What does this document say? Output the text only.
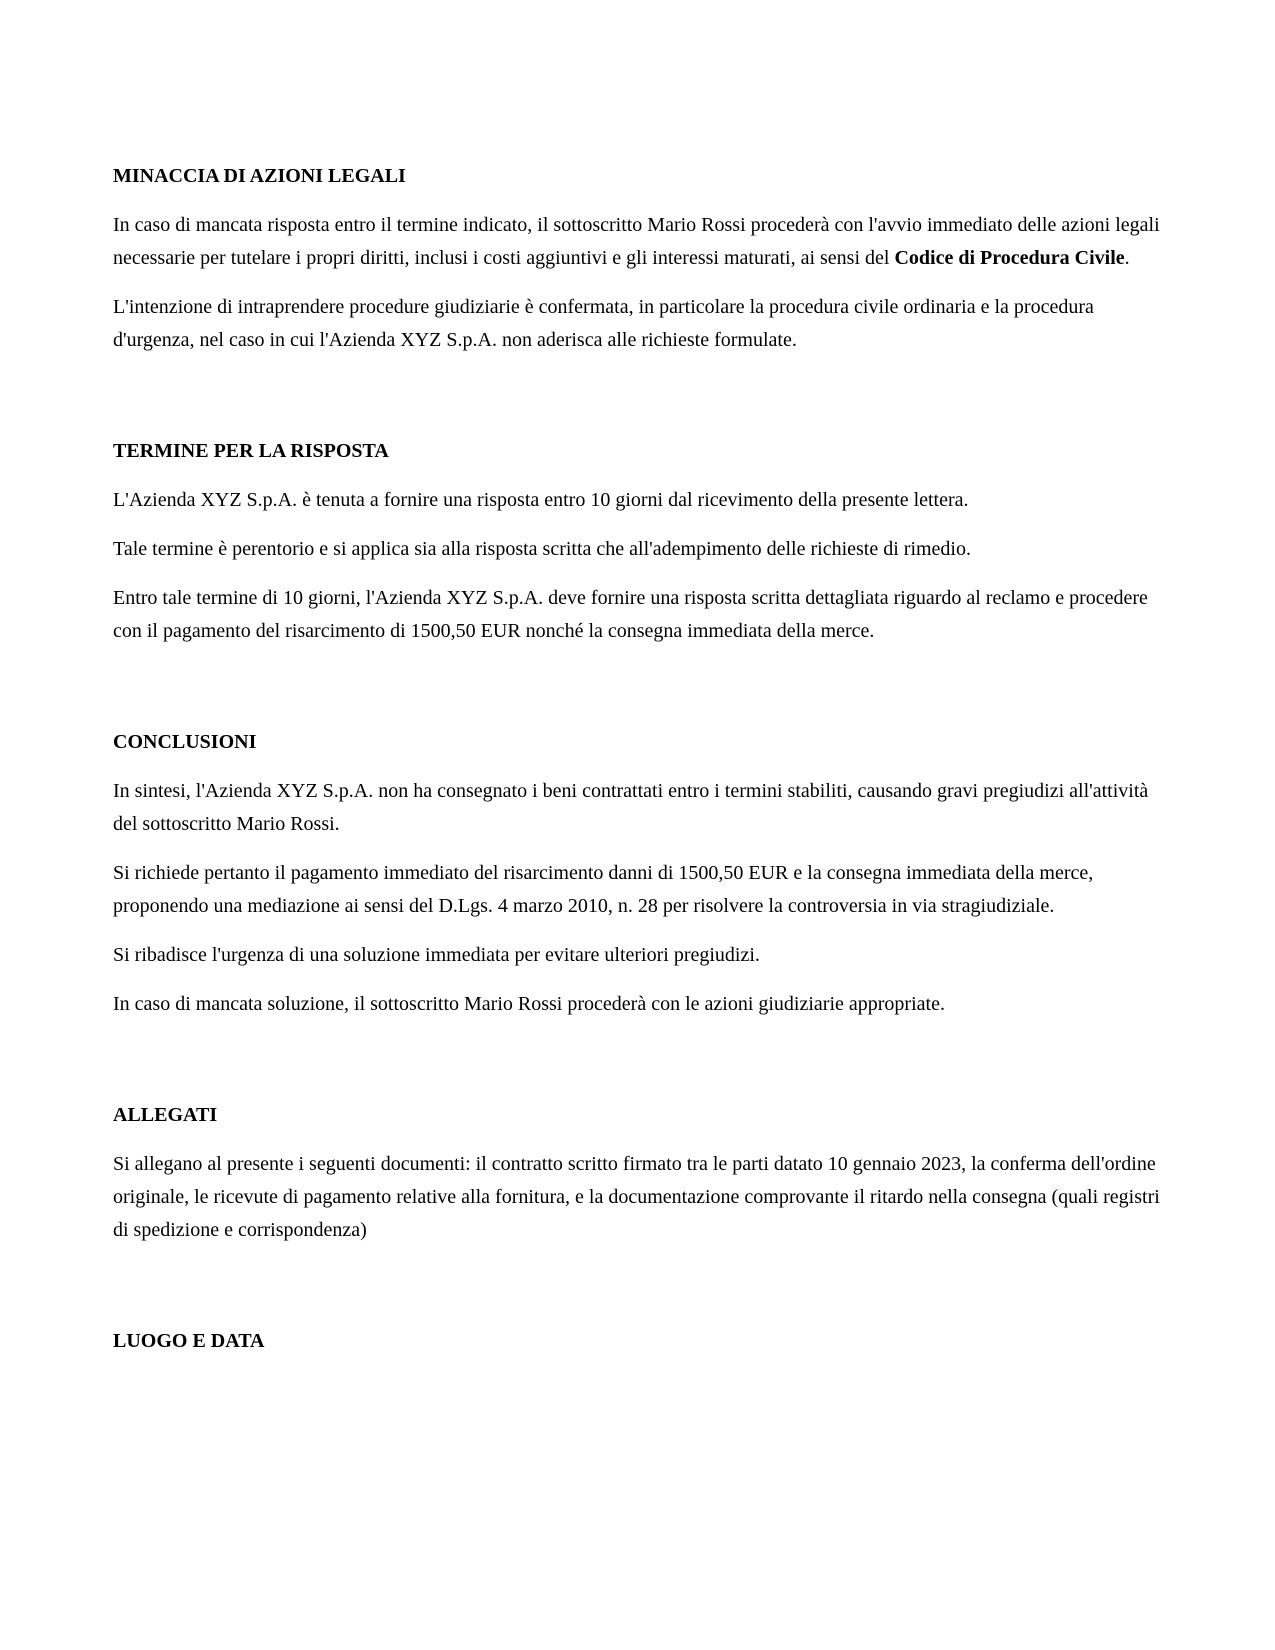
MINACCIA DI AZIONI LEGALI

In caso di mancata risposta entro il termine indicato, il sottoscritto Mario Rossi procederà con l'avvio immediato delle azioni legali necessarie per tutelare i propri diritti, inclusi i costi aggiuntivi e gli interessi maturati, ai sensi del Codice di Procedura Civile.

L'intenzione di intraprendere procedure giudiziarie è confermata, in particolare la procedura civile ordinaria e la procedura d'urgenza, nel caso in cui l'Azienda XYZ S.p.A. non aderisca alle richieste formulate.

TERMINE PER LA RISPOSTA

L'Azienda XYZ S.p.A. è tenuta a fornire una risposta entro 10 giorni dal ricevimento della presente lettera.

Tale termine è perentorio e si applica sia alla risposta scritta che all'adempimento delle richieste di rimedio.

Entro tale termine di 10 giorni, l'Azienda XYZ S.p.A. deve fornire una risposta scritta dettagliata riguardo al reclamo e procedere con il pagamento del risarcimento di 1500,50 EUR nonché la consegna immediata della merce.

CONCLUSIONI

In sintesi, l'Azienda XYZ S.p.A. non ha consegnato i beni contrattati entro i termini stabiliti, causando gravi pregiudizi all'attività del sottoscritto Mario Rossi.

Si richiede pertanto il pagamento immediato del risarcimento danni di 1500,50 EUR e la consegna immediata della merce, proponendo una mediazione ai sensi del D.Lgs. 4 marzo 2010, n. 28 per risolvere la controversia in via stragiudiziale.

Si ribadisce l'urgenza di una soluzione immediata per evitare ulteriori pregiudizi.

In caso di mancata soluzione, il sottoscritto Mario Rossi procederà con le azioni giudiziarie appropriate.

ALLEGATI

Si allegano al presente i seguenti documenti: il contratto scritto firmato tra le parti datato 10 gennaio 2023, la conferma dell'ordine originale, le ricevute di pagamento relative alla fornitura, e la documentazione comprovante il ritardo nella consegna (quali registri di spedizione e corrispondenza)

LUOGO E DATA
